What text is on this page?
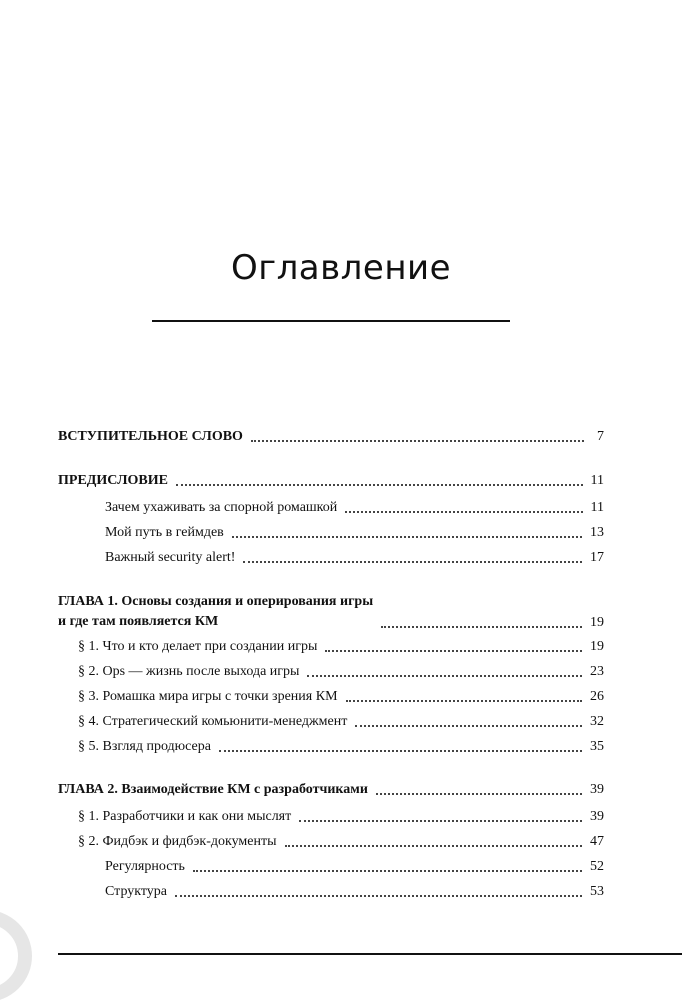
Оглавление
ВСТУПИТЕЛЬНОЕ СЛОВО	7
ПРЕДИСЛОВИЕ	11
Зачем ухаживать за спорной ромашкой	11
Мой путь в геймдев	13
Важный security alert!	17
ГЛАВА 1. Основы создания и оперирования игры
и где там появляется КМ	19
§ 1. Что и кто делает при создании игры	19
§ 2. Ops — жизнь после выхода игры	23
§ 3. Ромашка мира игры с точки зрения КМ	26
§ 4. Стратегический комьюнити-менеджмент	32
§ 5. Взгляд продюсера	35
ГЛАВА 2. Взаимодействие КМ с разработчиками	39
§ 1. Разработчики и как они мыслят	39
§ 2. Фидбэк и фидбэк-документы	47
Регулярность	52
Структура	53
